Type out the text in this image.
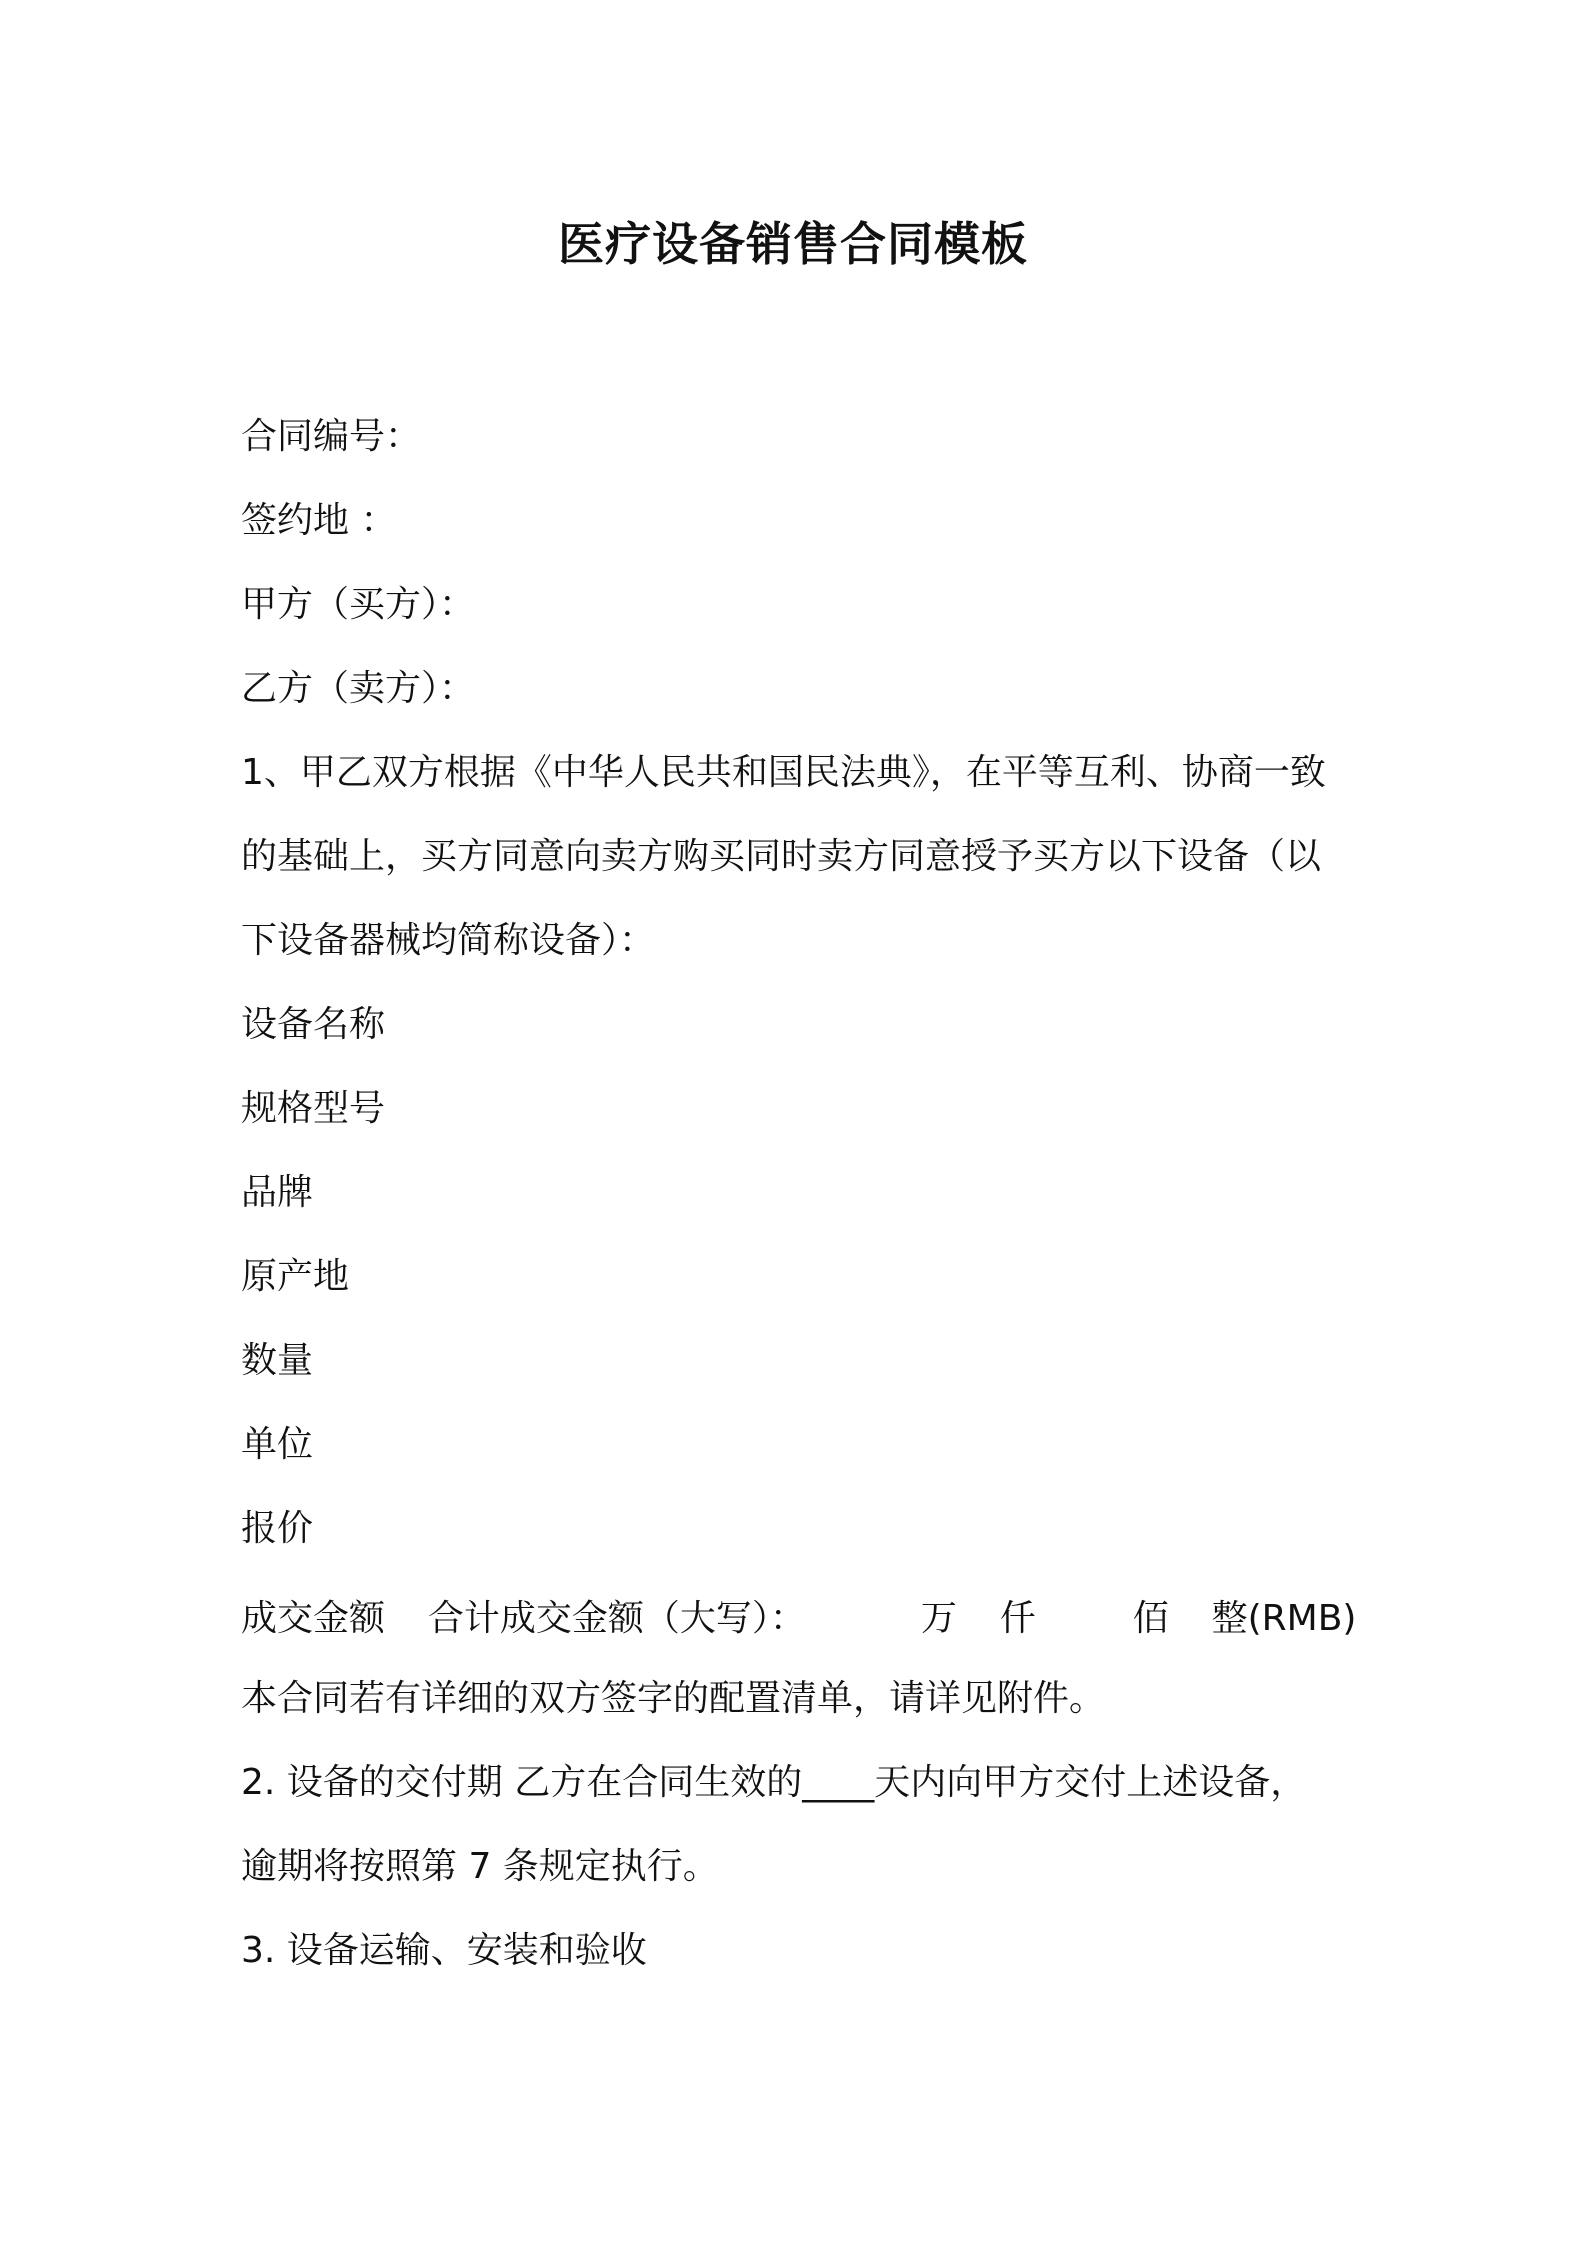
医疗设备销售合同模板
合同编号：
签约地 ：
甲方（买方）：
乙方（卖方）：
1、甲乙双方根据《中华人民共和国民法典》，在平等互利、协商一致
的基础上，买方同意向卖方购买同时卖方同意授予买方以下设备（以
下设备器械均简称设备）：
设备名称
规格型号
品牌
原产地
数量
单位
报价
成交金额 合计成交金额（大写）：	万 仟	佰 整(RMB)
本合同若有详细的双方签字的配置清单，请详见附件。
2. 设备的交付期 乙方在合同生效的____天内向甲方交付上述设备，
逾期将按照第 7 条规定执行。
3. 设备运输、安装和验收
